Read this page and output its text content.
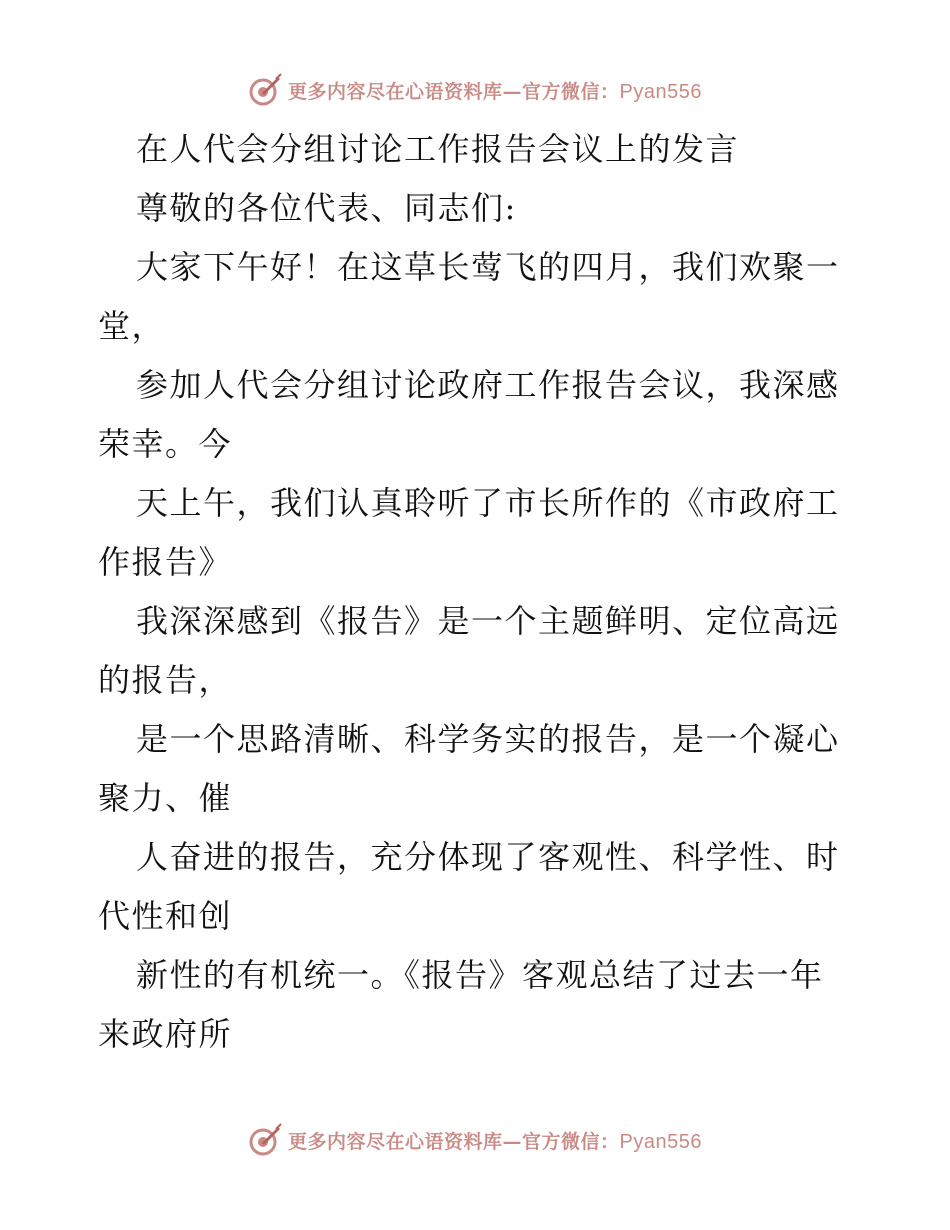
更多内容尽在心语资料库—官方微信：Pyan556
在人代会分组讨论工作报告会议上的发言
尊敬的各位代表、同志们:
大家下午好！在这草长莺飞的四月，我们欢聚一
堂，
参加人代会分组讨论政府工作报告会议，我深感
荣幸。今
天上午，我们认真聆听了市长所作的《市政府工
作报告》
我深深感到《报告》是一个主题鲜明、定位高远
的报告，
是一个思路清晰、科学务实的报告，是一个凝心
聚力、催
人奋进的报告，充分体现了客观性、科学性、时
代性和创
新性的有机统一。《报告》客观总结了过去一年
来政府所
更多内容尽在心语资料库—官方微信：Pyan556
